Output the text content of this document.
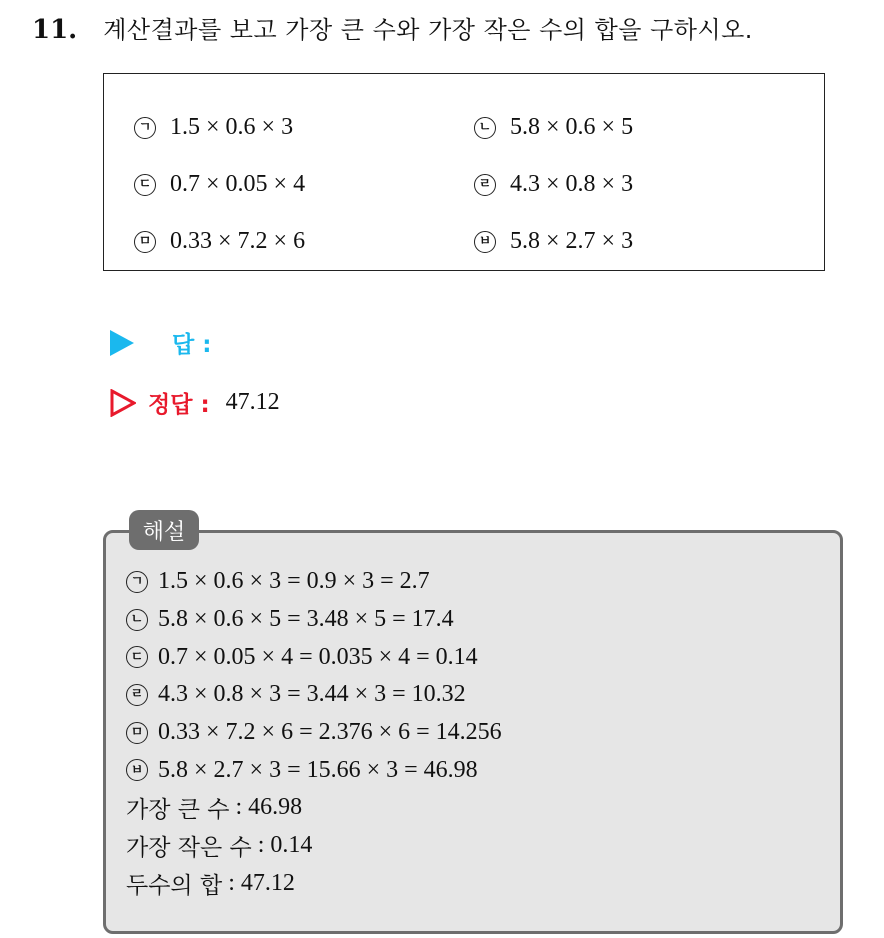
11. 계산결과를 보고 가장 큰 수와 가장 작은 수의 합을 구하시오.
ㄱ 1.5 × 0.6 × 3	ㄴ 5.8 × 0.6 × 5
ㄷ 0.7 × 0.05 × 4	ㄹ 4.3 × 0.8 × 3
ㅁ 0.33 × 7.2 × 6	ㅂ 5.8 × 2.7 × 3
답 :
정답 : 47.12
해설
ㄱ 1.5 × 0.6 × 3 = 0.9 × 3 = 2.7
ㄴ 5.8 × 0.6 × 5 = 3.48 × 5 = 17.4
ㄷ 0.7 × 0.05 × 4 = 0.035 × 4 = 0.14
ㄹ 4.3 × 0.8 × 3 = 3.44 × 3 = 10.32
ㅁ 0.33 × 7.2 × 6 = 2.376 × 6 = 14.256
ㅂ 5.8 × 2.7 × 3 = 15.66 × 3 = 46.98
가장 큰 수 : 46.98
가장 작은 수 : 0.14
두수의 합 : 47.12
